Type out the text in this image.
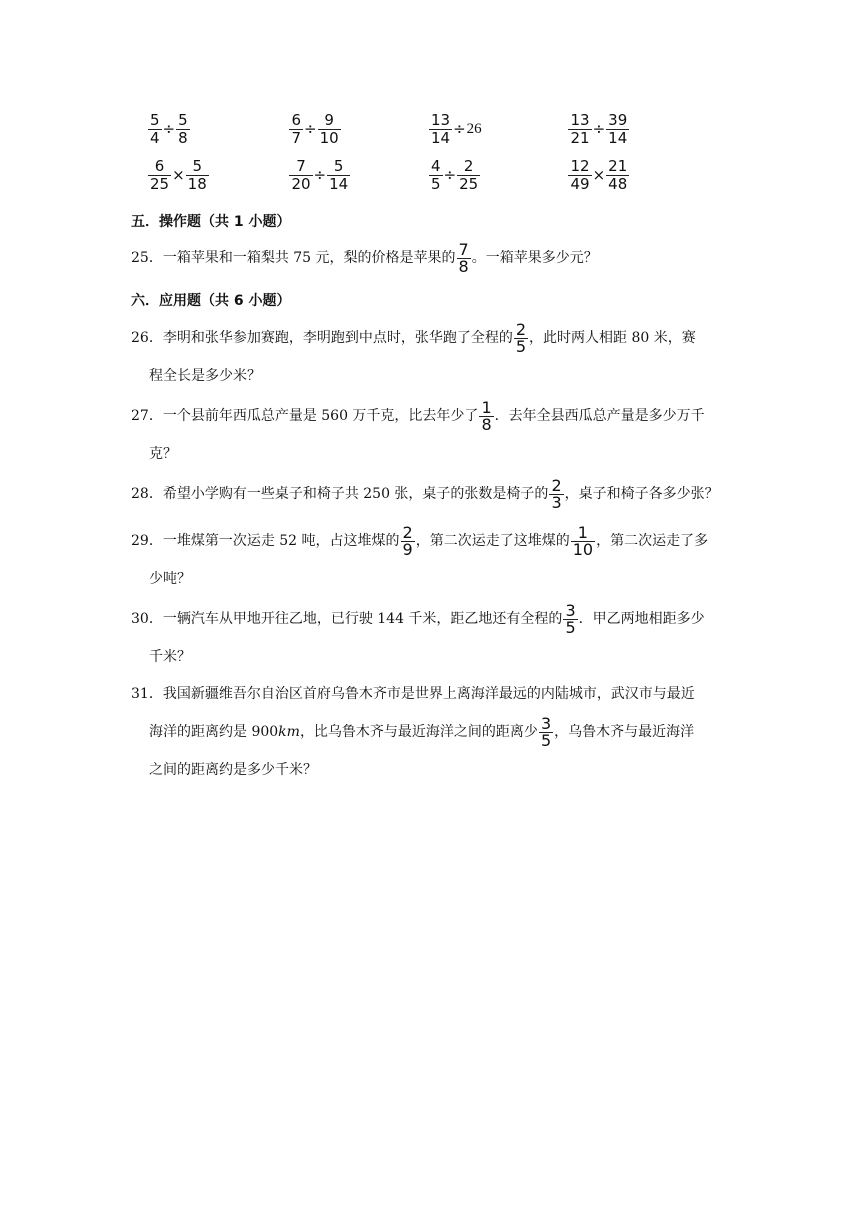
$\frac{5}{4} \div \frac{5}{8}$	$\frac{6}{7} \div \frac{9}{10}$	$\frac{13}{14} \div 26$	$\frac{13}{21} \div \frac{39}{14}$
$\frac{6}{25} \times \frac{5}{18}$	$\frac{7}{20} \div \frac{5}{14}$	$\frac{4}{5} \div \frac{2}{25}$	$\frac{12}{49} \times \frac{21}{48}$
五．操作题（共 1 小题）
25．一箱苹果和一箱梨共 75 元，梨的价格是苹果的 $\frac{7}{8}$ 。一箱苹果多少元？
六．应用题（共 6 小题）
26．李明和张华参加赛跑，李明跑到中点时，张华跑了全程的 $\frac{2}{5}$ ，此时两人相距 80 米，赛
程全长是多少米？
27．一个县前年西瓜总产量是 560 万千克，比去年少了 $\frac{1}{8}$ ．去年全县西瓜总产量是多少万千
克？
28．希望小学购有一些桌子和椅子共 250 张，桌子的张数是椅子的 $\frac{2}{3}$ ，桌子和椅子各多少张？
29．一堆煤第一次运走 52 吨，占这堆煤的 $\frac{2}{9}$ ，第二次运走了这堆煤的 $\frac{1}{10}$ ，第二次运走了多
少吨？
30．一辆汽车从甲地开往乙地，已行驶 144 千米，距乙地还有全程的 $\frac{3}{5}$ ．甲乙两地相距多少
千米？
31．我国新疆维吾尔自治区首府乌鲁木齐市是世界上离海洋最远的内陆城市，武汉市与最近
海洋的距离约是 900 km ，比乌鲁木齐与最近海洋之间的距离少 $\frac{3}{5}$ ，乌鲁木齐与最近海洋
之间的距离约是多少千米？
